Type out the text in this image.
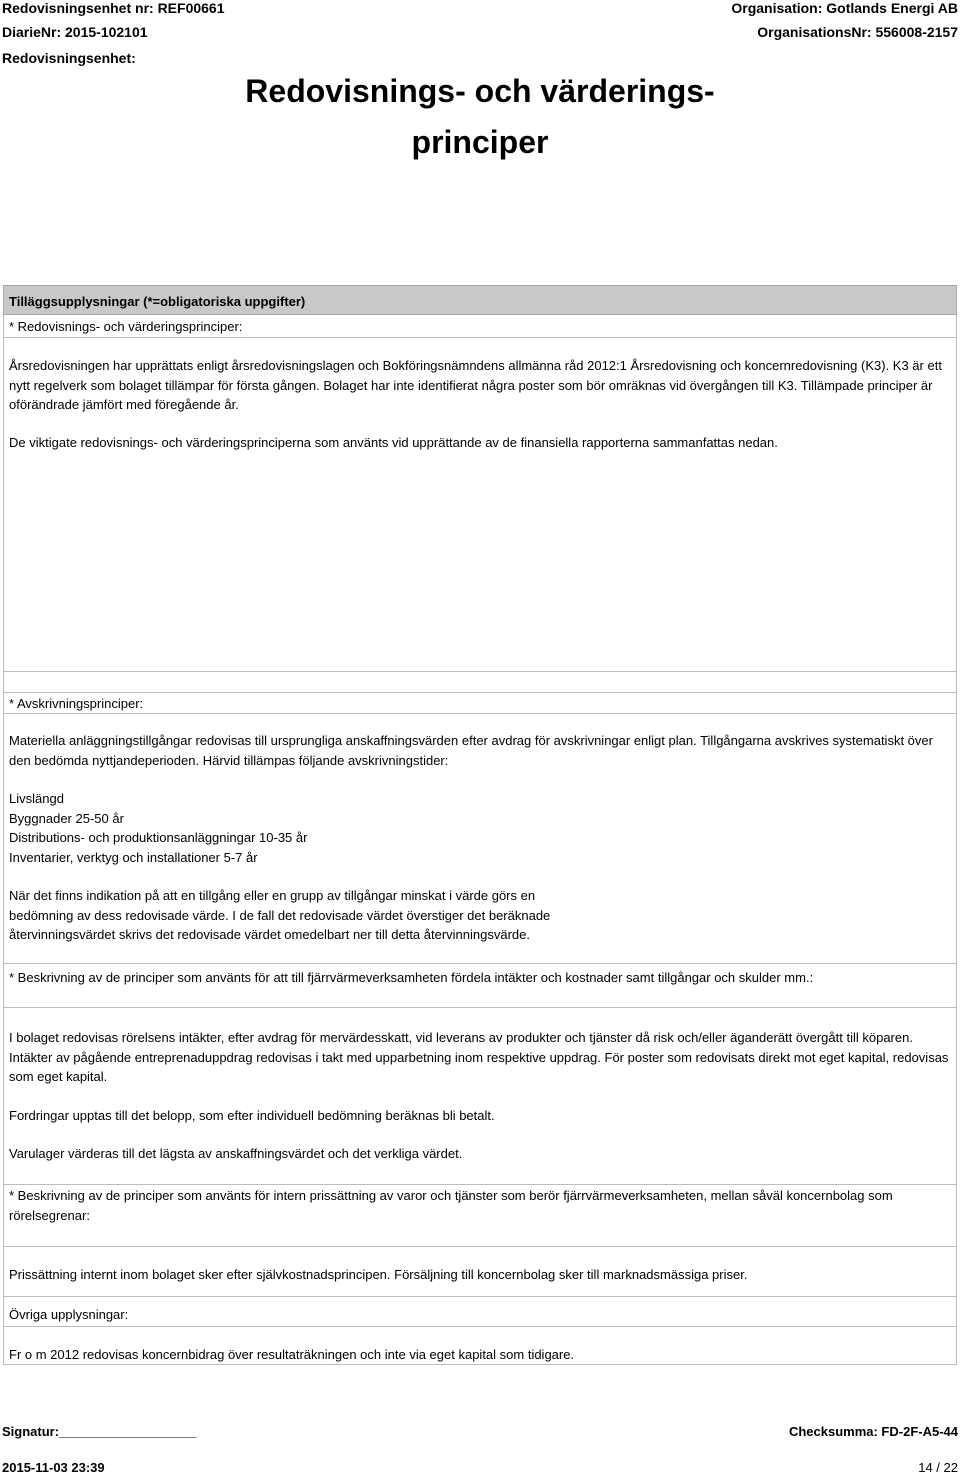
Redovisningsenhet nr: REF00661
DiarieNr: 2015-102101
Redovisningsenhet:
Organisation: Gotlands Energi AB
OrganisationsNr: 556008-2157
Redovisnings- och värderings-
principer
Tilläggsupplysningar (*=obligatoriska uppgifter)
* Redovisnings- och värderingsprinciper:

Årsredovisningen har upprättats enligt årsredovisningslagen och Bokföringsnämndens allmänna råd 2012:1 Årsredovisning och koncernredovisning (K3). K3 är ett nytt regelverk som bolaget tillämpar för första gången. Bolaget har inte identifierat några poster som bör omräknas vid övergången till K3. Tillämpade principer är oförändrade jämfört med föregående år.

De viktigate redovisnings- och värderingsprinciperna som använts vid upprättande av de finansiella rapporterna sammanfattas nedan.

* Avskrivningsprinciper:

Materiella anläggningstillgångar redovisas till ursprungliga anskaffningsvärden efter avdrag för avskrivningar enligt plan. Tillgångarna avskrives systematiskt över den bedömda nyttjandeperioden. Härvid tillämpas följande avskrivningstider:

Livslängd

Byggnader 25-50 år

Distributions- och produktionsanläggningar 10-35 år

Inventarier, verktyg och installationer 5-7 år

När det finns indikation på att en tillgång eller en grupp av tillgångar minskat i värde görs en

bedömning av dess redovisade värde. I de fall det redovisade värdet överstiger det beräknade

återvinningsvärdet skrivs det redovisade värdet omedelbart ner till detta återvinningsvärde.

* Beskrivning av de principer som använts för att till fjärrvärmeverksamheten fördela intäkter och kostnader samt tillgångar och skulder mm.:

I bolaget redovisas rörelsens intäkter, efter avdrag för mervärdesskatt, vid leverans av produkter och tjänster då risk och/eller äganderätt övergått till köparen. Intäkter av pågående entreprenaduppdrag redovisas i takt med upparbetning inom respektive uppdrag. För poster som redovisats direkt mot eget kapital, redovisas som eget kapital.

Fordringar upptas till det belopp, som efter individuell bedömning beräknas bli betalt.

Varulager värderas till det lägsta av anskaffningsvärdet och det verkliga värdet.

* Beskrivning av de principer som använts för intern prissättning av varor och tjänster som berör fjärrvärmeverksamheten, mellan såväl koncernbolag som rörelsegrenar:
Prissättning internt inom bolaget sker efter självkostnadsprincipen. Försäljning till koncernbolag sker till marknadsmässiga priser.
Övriga upplysningar:
Fr o m 2012 redovisas koncernbidrag över resultaträkningen och inte via eget kapital som tidigare.
Signatur:___________________	Checksumma: FD-2F-A5-44
2015-11-03 23:39	14 / 22
